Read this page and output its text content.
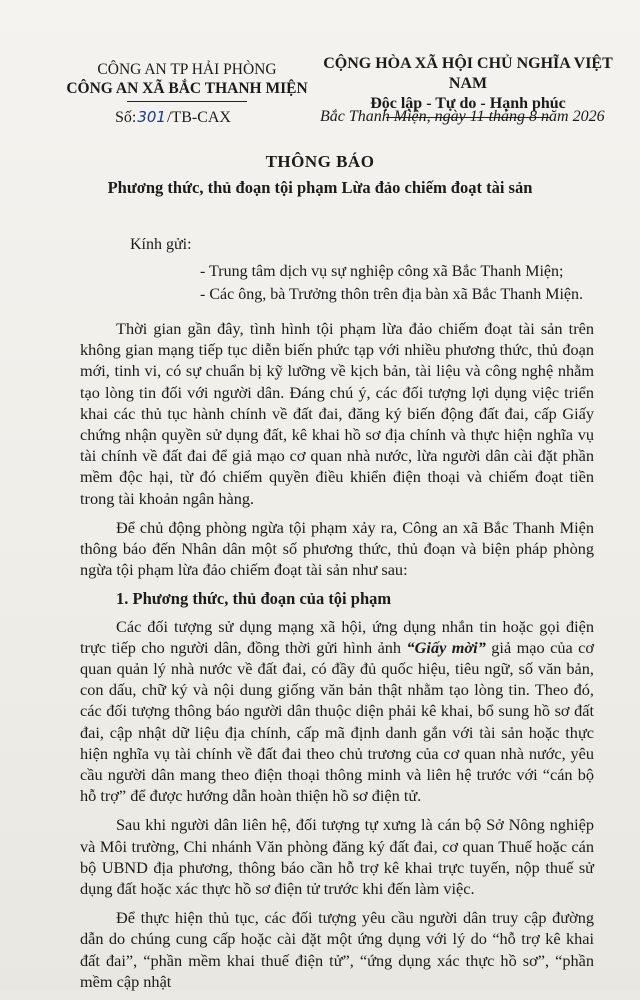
CÔNG AN TP HẢI PHÒNG
CÔNG AN XÃ BẮC THANH MIỆN
CỘNG HÒA XÃ HỘI CHỦ NGHĨA VIỆT NAM
Độc lập - Tự do - Hạnh phúc
Số:301/TB-CAX	Bắc Thanh Miện, ngày 11 tháng 8 năm 2026
THÔNG BÁO
Phương thức, thủ đoạn tội phạm Lừa đảo chiếm đoạt tài sản
Kính gửi:
- Trung tâm dịch vụ sự nghiệp công xã Bắc Thanh Miện;
- Các ông, bà Trưởng thôn trên địa bàn xã Bắc Thanh Miện.

Thời gian gần đây, tình hình tội phạm lừa đảo chiếm đoạt tài sản trên không gian mạng tiếp tục diễn biến phức tạp với nhiều phương thức, thủ đoạn mới, tinh vi, có sự chuẩn bị kỹ lưỡng về kịch bản, tài liệu và công nghệ nhằm tạo lòng tin đối với người dân. Đáng chú ý, các đối tượng lợi dụng việc triển khai các thủ tục hành chính về đất đai, đăng ký biến động đất đai, cấp Giấy chứng nhận quyền sử dụng đất, kê khai hồ sơ địa chính và thực hiện nghĩa vụ tài chính về đất đai để giả mạo cơ quan nhà nước, lừa người dân cài đặt phần mềm độc hại, từ đó chiếm quyền điều khiển điện thoại và chiếm đoạt tiền trong tài khoản ngân hàng.

Để chủ động phòng ngừa tội phạm xảy ra, Công an xã Bắc Thanh Miện thông báo đến Nhân dân một số phương thức, thủ đoạn và biện pháp phòng ngừa tội phạm lừa đảo chiếm đoạt tài sản như sau:

1. Phương thức, thủ đoạn của tội phạm

Các đối tượng sử dụng mạng xã hội, ứng dụng nhắn tin hoặc gọi điện trực tiếp cho người dân, đồng thời gửi hình ảnh “Giấy mời” giả mạo của cơ quan quản lý nhà nước về đất đai, có đầy đủ quốc hiệu, tiêu ngữ, số văn bản, con dấu, chữ ký và nội dung giống văn bản thật nhằm tạo lòng tin. Theo đó, các đối tượng thông báo người dân thuộc diện phải kê khai, bổ sung hồ sơ đất đai, cập nhật dữ liệu địa chính, cấp mã định danh gắn với tài sản hoặc thực hiện nghĩa vụ tài chính về đất đai theo chủ trương của cơ quan nhà nước, yêu cầu người dân mang theo điện thoại thông minh và liên hệ trước với “cán bộ hỗ trợ” để được hướng dẫn hoàn thiện hồ sơ điện tử.

Sau khi người dân liên hệ, đối tượng tự xưng là cán bộ Sở Nông nghiệp và Môi trường, Chi nhánh Văn phòng đăng ký đất đai, cơ quan Thuế hoặc cán bộ UBND địa phương, thông báo cần hỗ trợ kê khai trực tuyến, nộp thuế sử dụng đất hoặc xác thực hồ sơ điện tử trước khi đến làm việc.

Để thực hiện thủ tục, các đối tượng yêu cầu người dân truy cập đường dẫn do chúng cung cấp hoặc cài đặt một ứng dụng với lý do “hỗ trợ kê khai đất đai”, “phần mềm khai thuế điện tử”, “ứng dụng xác thực hồ sơ”, “phần mềm cập nhật
